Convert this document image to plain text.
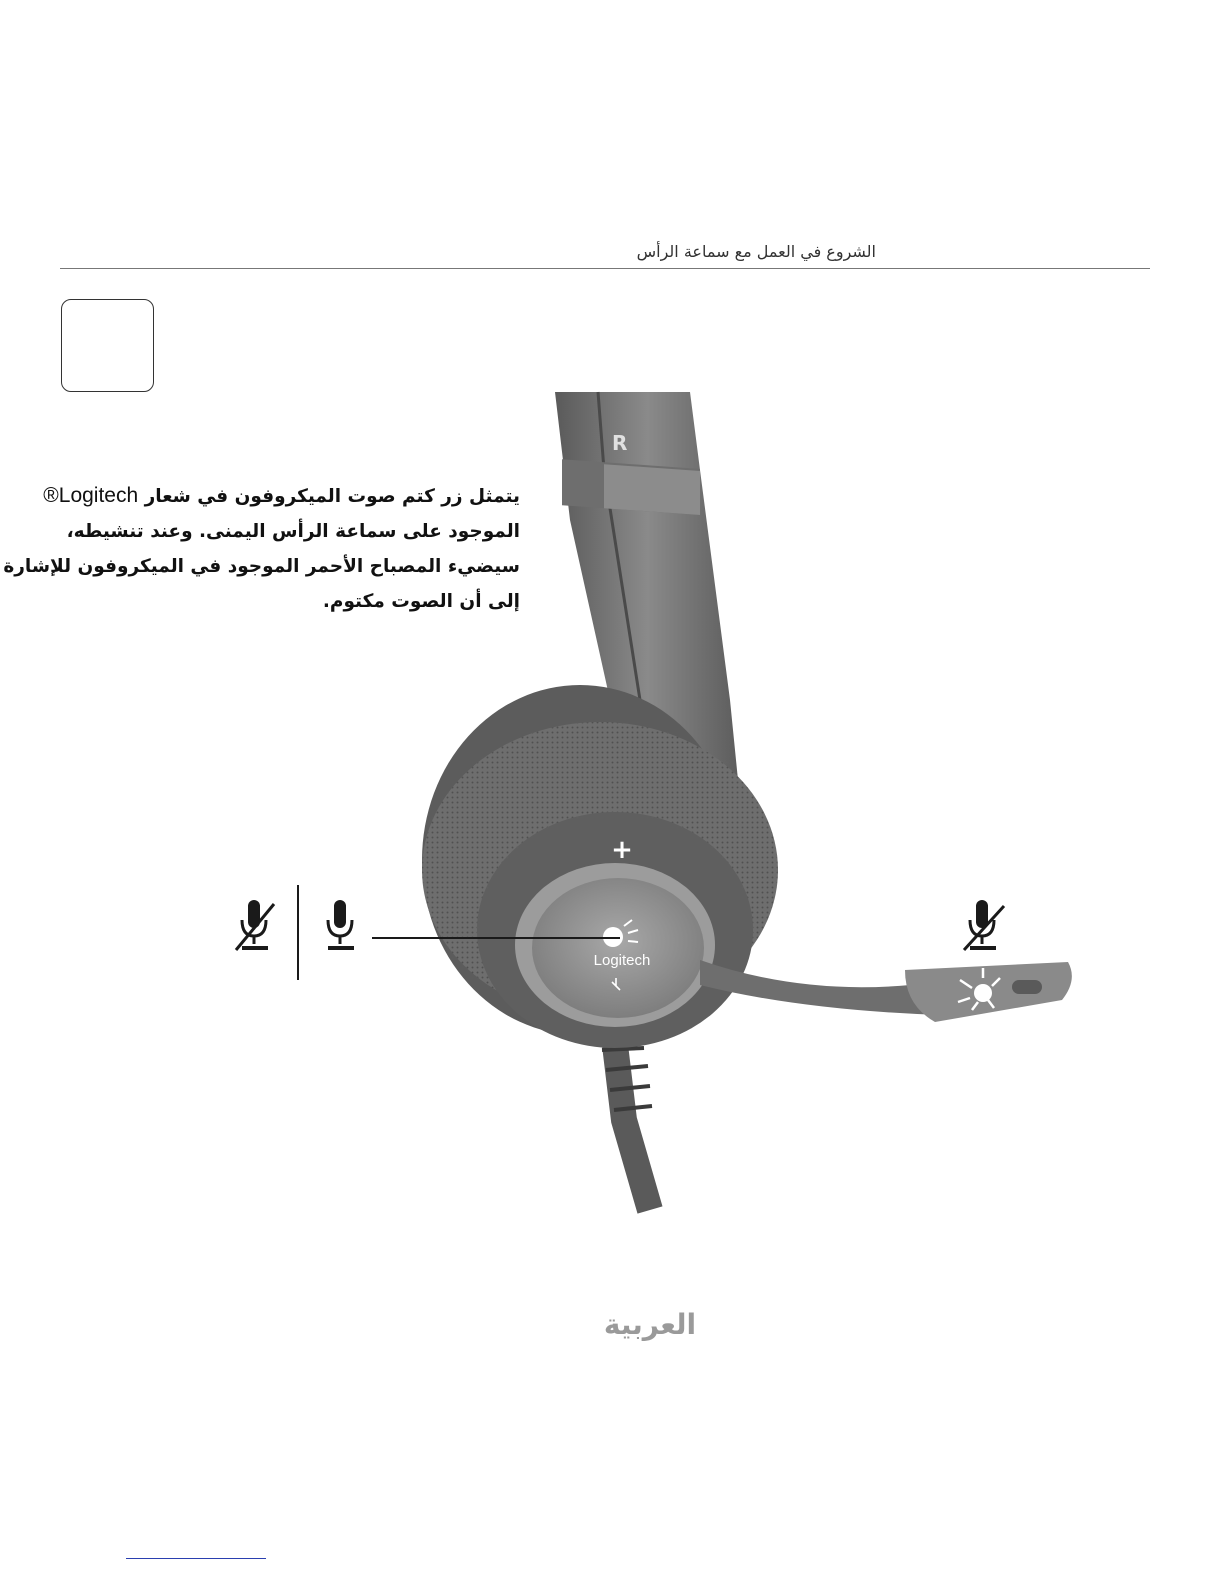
الشروع في العمل مع سماعة الرأس
يتمثل زر كتم صوت الميكروفون في شعار Logitech®
الموجود على سماعة الرأس اليمنى. وعند تنشيطه،
سيضيء المصباح الأحمر الموجود في الميكروفون للإشارة
إلى أن الصوت مكتوم.
R
+
Logitech
العربية
